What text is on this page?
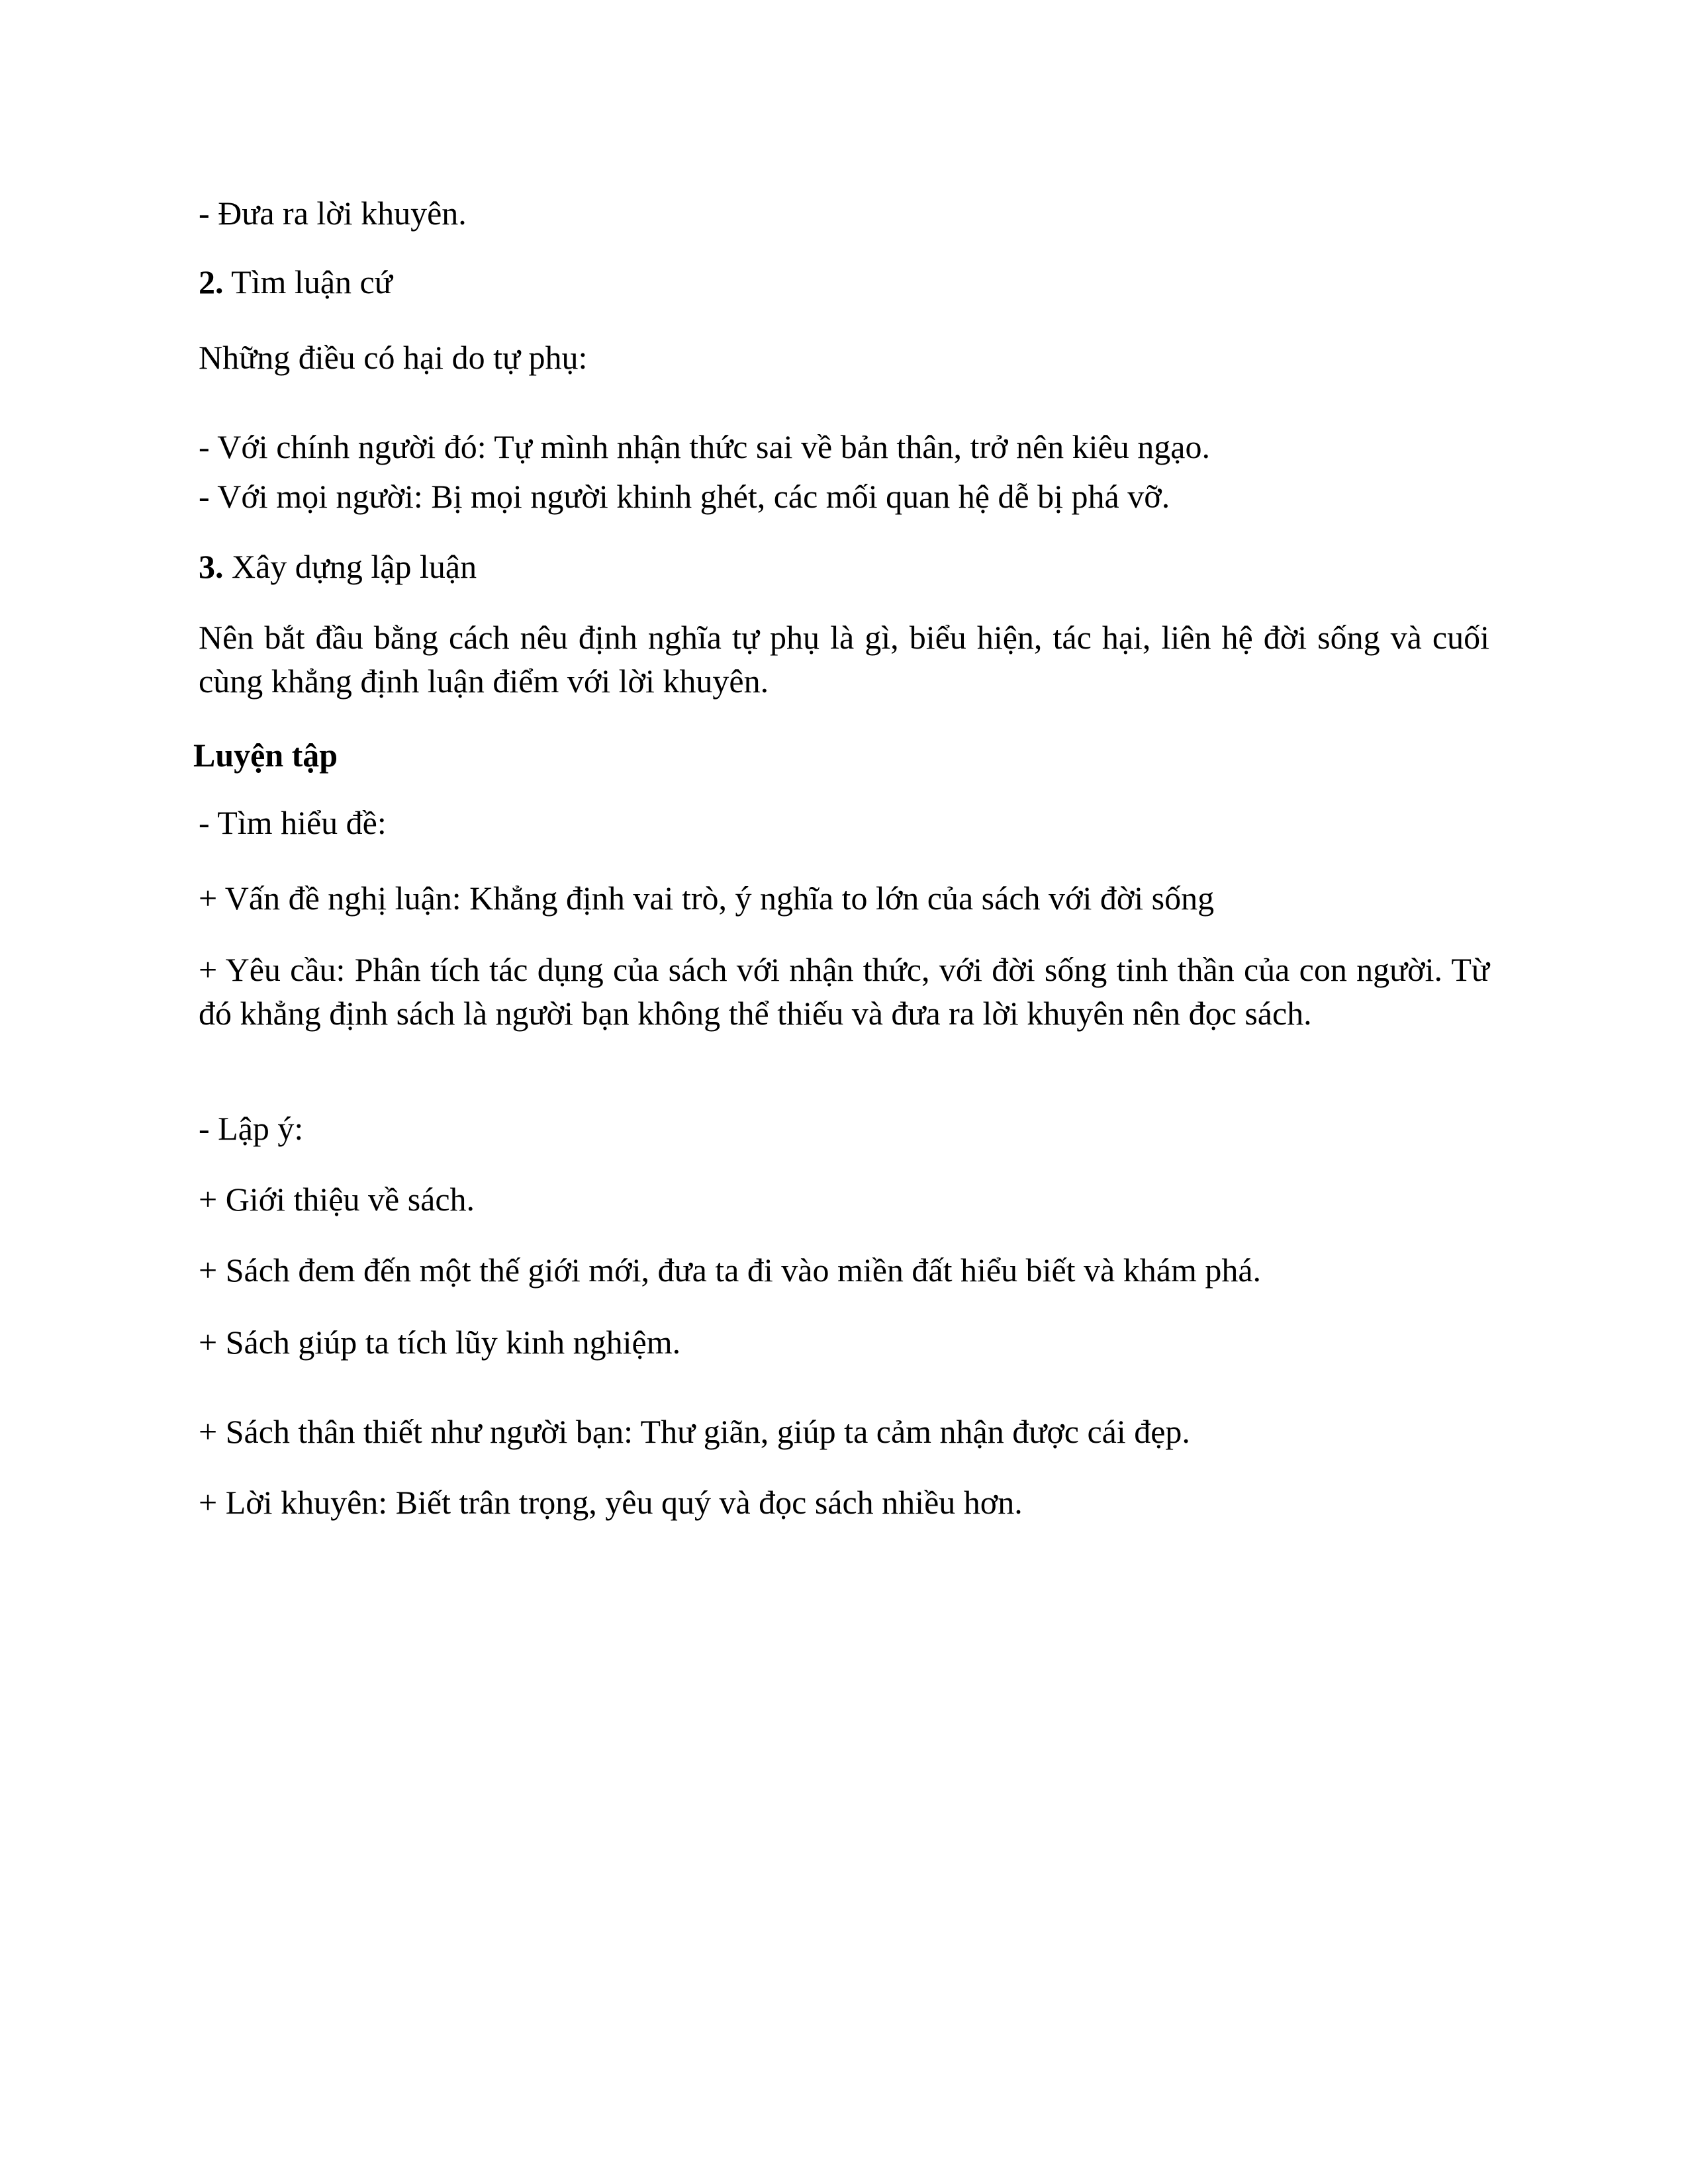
- Đưa ra lời khuyên.
2. Tìm luận cứ
Những điều có hại do tự phụ:
- Với chính người đó: Tự mình nhận thức sai về bản thân, trở nên kiêu ngạo.
- Với mọi người: Bị mọi người khinh ghét, các mối quan hệ dễ bị phá vỡ.
3. Xây dựng lập luận
Nên bắt đầu bằng cách nêu định nghĩa tự phụ là gì, biểu hiện, tác hại, liên hệ đời sống và cuối cùng khẳng định luận điểm với lời khuyên.
Luyện tập
- Tìm hiểu đề:
+ Vấn đề nghị luận: Khẳng định vai trò, ý nghĩa to lớn của sách với đời sống
+ Yêu cầu: Phân tích tác dụng của sách với nhận thức, với đời sống tinh thần của con người. Từ đó khẳng định sách là người bạn không thể thiếu và đưa ra lời khuyên nên đọc sách.
- Lập ý:
+ Giới thiệu về sách.
+ Sách đem đến một thế giới mới, đưa ta đi vào miền đất hiểu biết và khám phá.
+ Sách giúp ta tích lũy kinh nghiệm.
+ Sách thân thiết như người bạn: Thư giãn, giúp ta cảm nhận được cái đẹp.
+ Lời khuyên: Biết trân trọng, yêu quý và đọc sách nhiều hơn.
